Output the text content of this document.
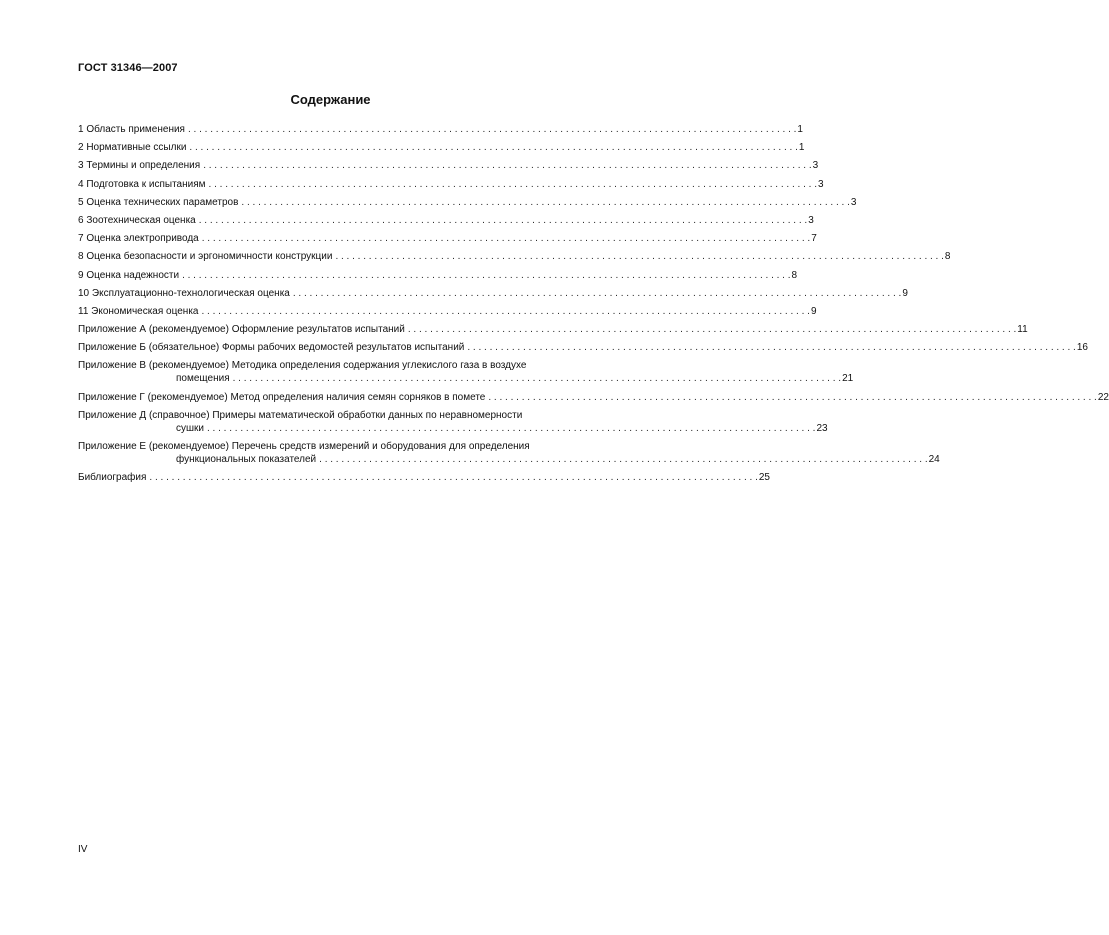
ГОСТ 31346—2007
Содержание
1 Область применения . . .	1
2 Нормативные ссылки . . .	1
3 Термины и определения . . .	3
4 Подготовка к испытаниям . . .	3
5 Оценка технических параметров . . .	3
6 Зоотехническая оценка . . .	3
7 Оценка электропривода . . .	7
8 Оценка безопасности и эргономичности конструкции . . .	8
9 Оценка надежности . . .	8
10 Эксплуатационно-технологическая оценка . . .	9
11 Экономическая оценка . . .	9
Приложение А (рекомендуемое) Оформление результатов испытаний . . .	11
Приложение Б (обязательное) Формы рабочих ведомостей результатов испытаний . . .	16
Приложение В (рекомендуемое) Методика определения содержания углекислого газа в воздухе
помещения . . .	21
Приложение Г (рекомендуемое) Метод определения наличия семян сорняков в помете . . .	22
Приложение Д (справочное) Примеры математической обработки данных по неравномерности
сушки . . .	23
Приложение Е (рекомендуемое) Перечень средств измерений и оборудования для определения
функциональных показателей . . .	24
Библиография . . .	25
IV
